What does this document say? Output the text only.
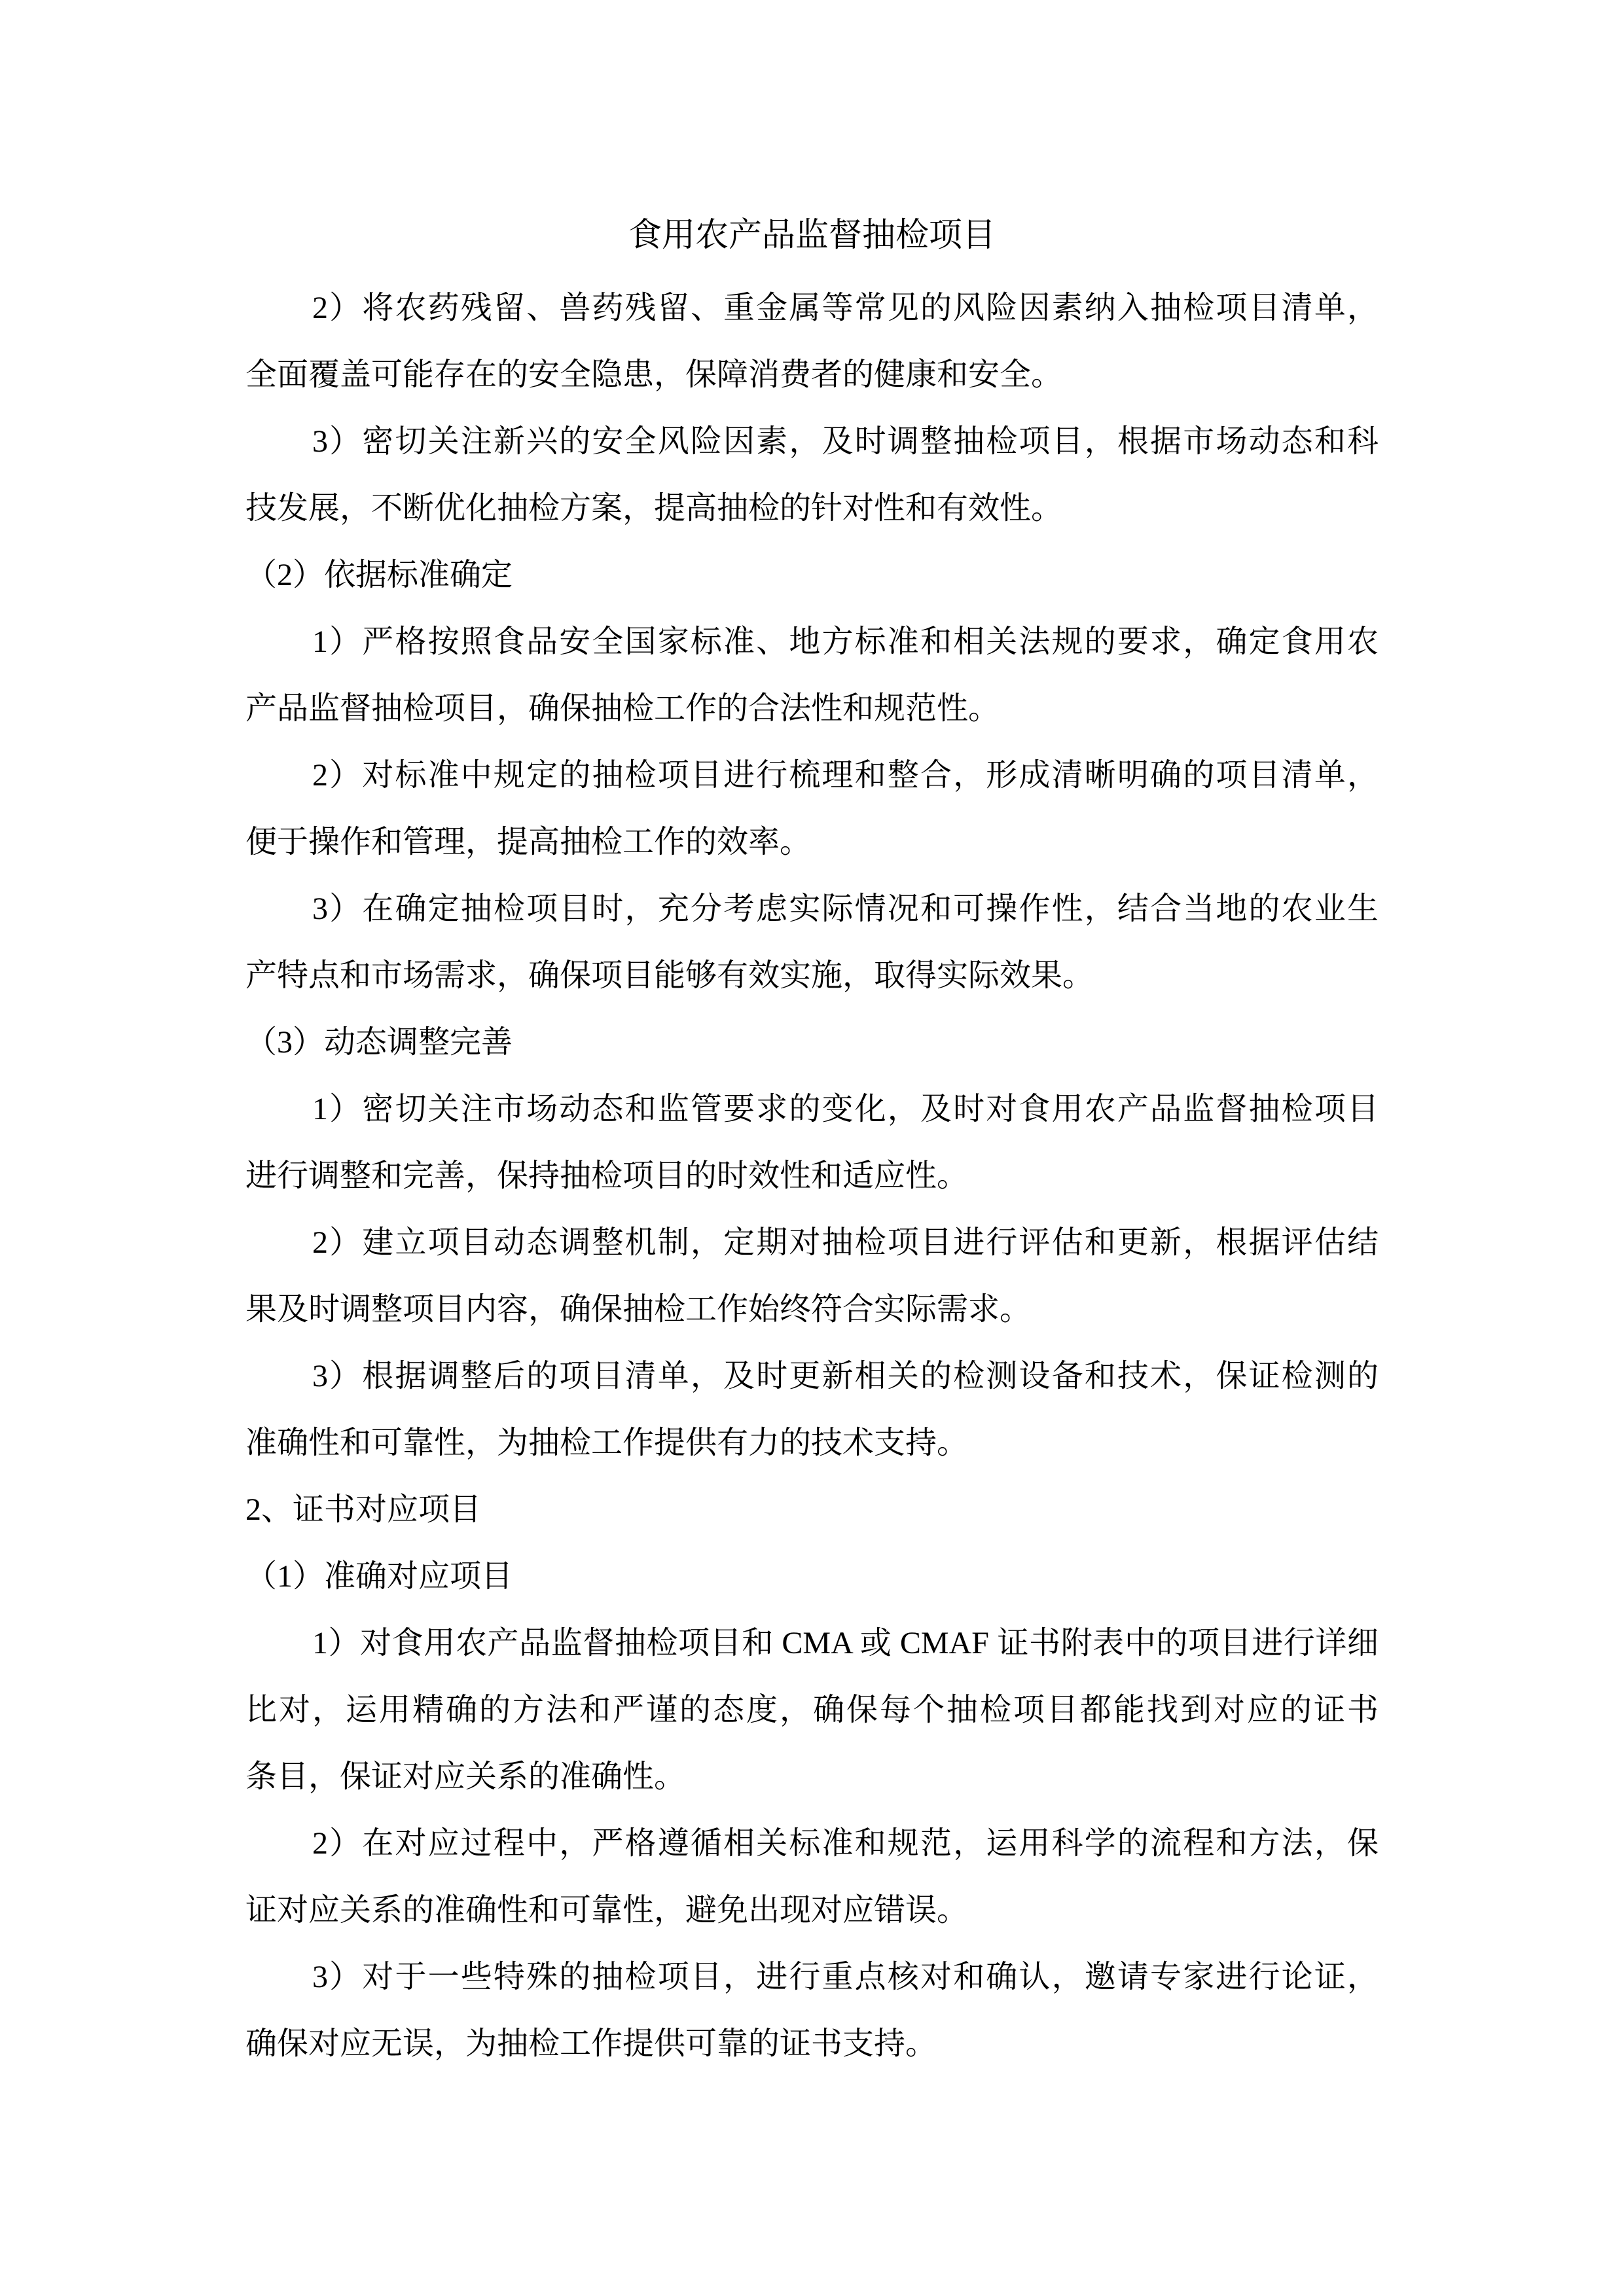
食用农产品监督抽检项目
2）将农药残留、兽药残留、重金属等常见的风险因素纳入抽检项目清单，
全面覆盖可能存在的安全隐患，保障消费者的健康和安全。
3）密切关注新兴的安全风险因素，及时调整抽检项目，根据市场动态和科
技发展，不断优化抽检方案，提高抽检的针对性和有效性。
（2）依据标准确定
1）严格按照食品安全国家标准、地方标准和相关法规的要求，确定食用农
产品监督抽检项目，确保抽检工作的合法性和规范性。
2）对标准中规定的抽检项目进行梳理和整合，形成清晰明确的项目清单，
便于操作和管理，提高抽检工作的效率。
3）在确定抽检项目时，充分考虑实际情况和可操作性，结合当地的农业生
产特点和市场需求，确保项目能够有效实施，取得实际效果。
（3）动态调整完善
1）密切关注市场动态和监管要求的变化，及时对食用农产品监督抽检项目
进行调整和完善，保持抽检项目的时效性和适应性。
2）建立项目动态调整机制，定期对抽检项目进行评估和更新，根据评估结
果及时调整项目内容，确保抽检工作始终符合实际需求。
3）根据调整后的项目清单，及时更新相关的检测设备和技术，保证检测的
准确性和可靠性，为抽检工作提供有力的技术支持。
2、证书对应项目
（1）准确对应项目
1）对食用农产品监督抽检项目和 CMA 或 CMAF 证书附表中的项目进行详细
比对，运用精确的方法和严谨的态度，确保每个抽检项目都能找到对应的证书
条目，保证对应关系的准确性。
2）在对应过程中，严格遵循相关标准和规范，运用科学的流程和方法，保
证对应关系的准确性和可靠性，避免出现对应错误。
3）对于一些特殊的抽检项目，进行重点核对和确认，邀请专家进行论证，
确保对应无误，为抽检工作提供可靠的证书支持。
